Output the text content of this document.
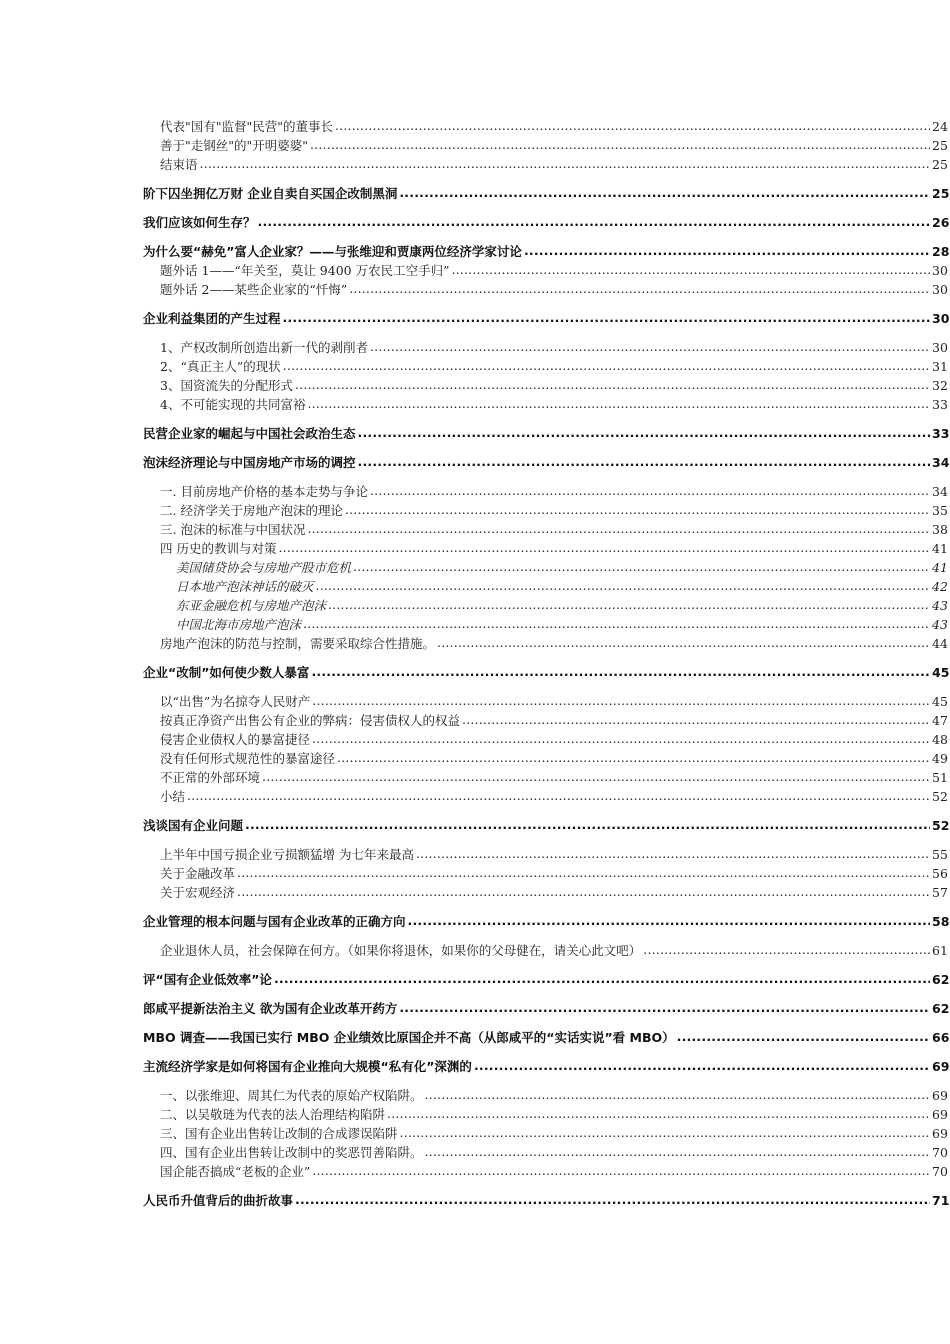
代表"国有"监督"民营"的董事长 .....	24
善于"走钢丝"的"开明婆婆" .....	25
结束语 .....	25
阶下囚坐拥亿万财 企业自卖自买国企改制黑洞 .....	25
我们应该如何生存？ .....	26
为什么要“赫免”富人企业家？——与张维迎和贾康两位经济学家讨论 .....	28
题外话 1——“年关至，莫让 9400 万农民工空手归” .....	30
题外话 2——某些企业家的“忏悔” .....	30
企业利益集团的产生过程 .....	30
1、产权改制所创造出新一代的剥削者 .....	30
2、“真正主人”的现状 .....	31
3、国资流失的分配形式 .....	32
4、不可能实现的共同富裕 .....	33
民营企业家的崛起与中国社会政治生态 .....	33
泡沫经济理论与中国房地产市场的调控 .....	34
一. 目前房地产价格的基本走势与争论 .....	34
二. 经济学关于房地产泡沫的理论 .....	35
三. 泡沫的标准与中国状况 .....	38
四 历史的教训与对策 .....	41
美国储贷协会与房地产股市危机 .....	41
日本地产泡沫神话的破灭 .....	42
东亚金融危机与房地产泡沫 .....	43
中国北海市房地产泡沫 .....	43
房地产泡沫的防范与控制，需要采取综合性措施。 .....	44
企业“改制”如何使少数人暴富 .....	45
以“出售”为名掠夺人民财产 .....	45
按真正净资产出售公有企业的弊病：侵害债权人的权益 .....	47
侵害企业债权人的暴富捷径 .....	48
没有任何形式规范性的暴富途径 .....	49
不正常的外部环境 .....	51
小结 .....	52
浅谈国有企业问题 .....	52
上半年中国亏损企业亏损额猛增 为七年来最高 .....	55
关于金融改革 .....	56
关于宏观经济 .....	57
企业管理的根本问题与国有企业改革的正确方向 .....	58
企业退休人员，社会保障在何方。（如果你将退休，如果你的父母健在，请关心此文吧） .....	61
评“国有企业低效率”论 .....	62
郎咸平提新法治主义 欲为国有企业改革开药方 .....	62
MBO 调查——我国已实行 MBO 企业绩效比原国企并不高（从郎咸平的“实话实说”看 MBO） .....	66
主流经济学家是如何将国有企业推向大规模“私有化”深渊的 .....	69
一、以张维迎、周其仁为代表的原始产权陷阱。 .....	69
二、以吴敬琏为代表的法人治理结构陷阱 .....	69
三、国有企业出售转让改制的合成谬误陷阱 .....	69
四、国有企业出售转让改制中的奖恶罚善陷阱。 .....	70
国企能否搞成“老板的企业” .....	70
人民币升值背后的曲折故事 .....	71
